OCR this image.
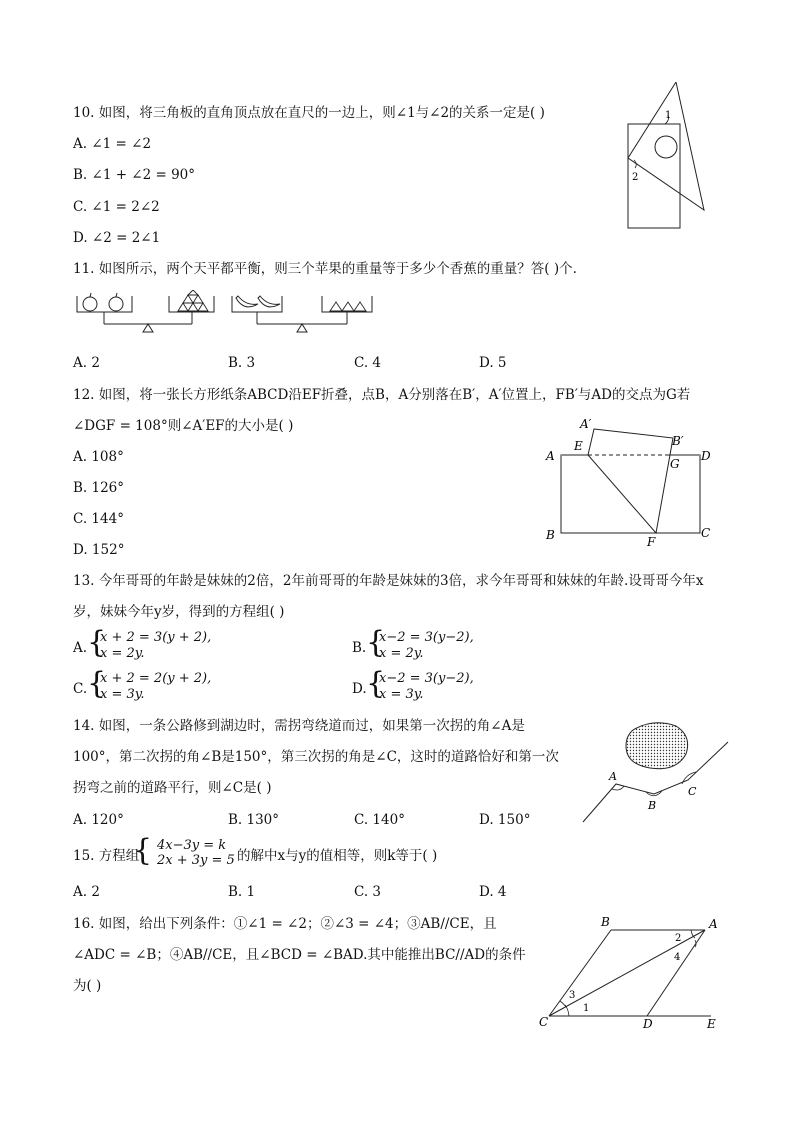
10. 如图，将三角板的直角顶点放在直尺的一边上，则∠1与∠2的关系一定是( )
A. ∠1 = ∠2
B. ∠1 + ∠2 = 90°
C. ∠1 = 2∠2
D. ∠2 = 2∠1
1
2
11. 如图所示，两个天平都平衡，则三个苹果的重量等于多少个香蕉的重量？答( )个.
A. 2	B. 3	C. 4	D. 5
12. 如图，将一张长方形纸条ABCD沿EF折叠，点B，A分别落在B′，A′位置上，FB′与AD的交点为G若
∠DGF = 108°则∠A′EF的大小是( )
A. 108°
B. 126°
C. 144°
D. 152°
A′
B′
A
E
G
D
B	F
C
13. 今年哥哥的年龄是妹妹的2倍，2年前哥哥的年龄是妹妹的3倍，求今年哥哥和妹妹的年龄.设哥哥今年x
岁，妹妹今年y岁，得到的方程组( )
A. {
x + 2 = 3(y + 2),
x = 2y.	B. {
x−2 = 3(y−2),
x = 2y.
C. {
x + 2 = 2(y + 2),
x = 3y.	D. {
x−2 = 3(y−2),
x = 3y.
14. 如图，一条公路修到湖边时，需拐弯绕道而过，如果第一次拐的角∠A是
100°，第二次拐的角∠B是150°，第三次拐的角是∠C，这时的道路恰好和第一次
拐弯之前的道路平行，则∠C是( )
A
B
C
A. 120°	B. 130°	C. 140°	D. 150°
15. 方程组
{ 4x−3y = k
2x + 3y = 5 的解中x与y的值相等，则k等于( )
A. 2	B. 1	C. 3	D. 4
16. 如图，给出下列条件：①∠1 = ∠2；②∠3 = ∠4；③AB//CE，且
∠ADC = ∠B；④AB//CE，且∠BCD = ∠BAD.其中能推出BC//AD的条件
为( )
B	A
2
4
3
1
C	D	E
